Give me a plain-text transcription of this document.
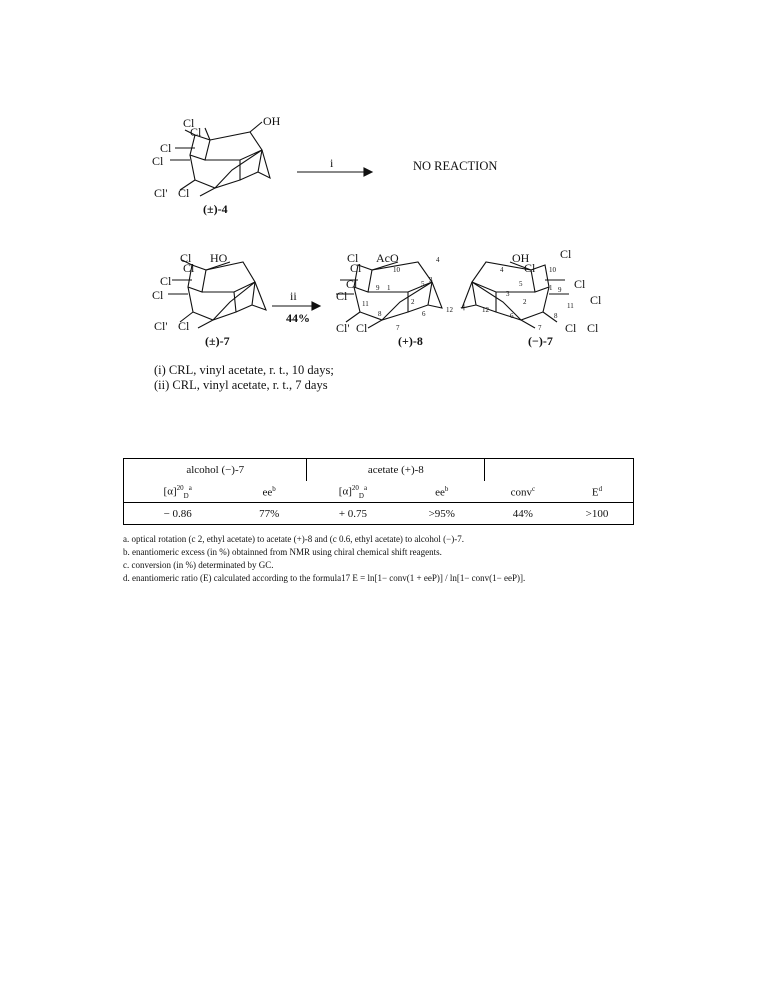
Cl
Cl
Cl
Cl
Cl' Cl
OH
(±)-4
i	NO REACTION
Cl HO
Cl
Cl
Cl
Cl' Cl
(±)-7
ii
44%
Cl AcO
Cl
Cl
Cl
Cl' Cl
(+)-8
+
OH	Cl
Cl
Cl
Cl
Cl Cl
(−)-7
10
4
9 1	5 3
2
11
6	12
8
7
4	10
5
3
1 9
12
2
6
11
7
8
(i) CRL, vinyl acetate, r. t., 10 days;
(ii) CRL, vinyl acetate, r. t., 7 days
alcohol (−)-7		acetate (+)-8			
$[\alpha]^{20}_D^a$	$ee^b$	$[\alpha]^{20}_D^a$	$ee^b$	conv$^c$	$E^d$
− 0.86	77%	+ 0.75	>95%	44%	>100
a. optical rotation (c 2, ethyl acetate) to acetate (+)-8 and (c 0.6, ethyl acetate) to alcohol (−)-7.
b. enantiomeric excess (in %) obtainned from NMR using chiral chemical shift reagents.
c. conversion (in %) determinated by GC.
d. enantiomeric ratio (E) calculated according to the formula17 E = ln[1− conv(1 + eeP)] / ln[1− conv(1− eeP)].
